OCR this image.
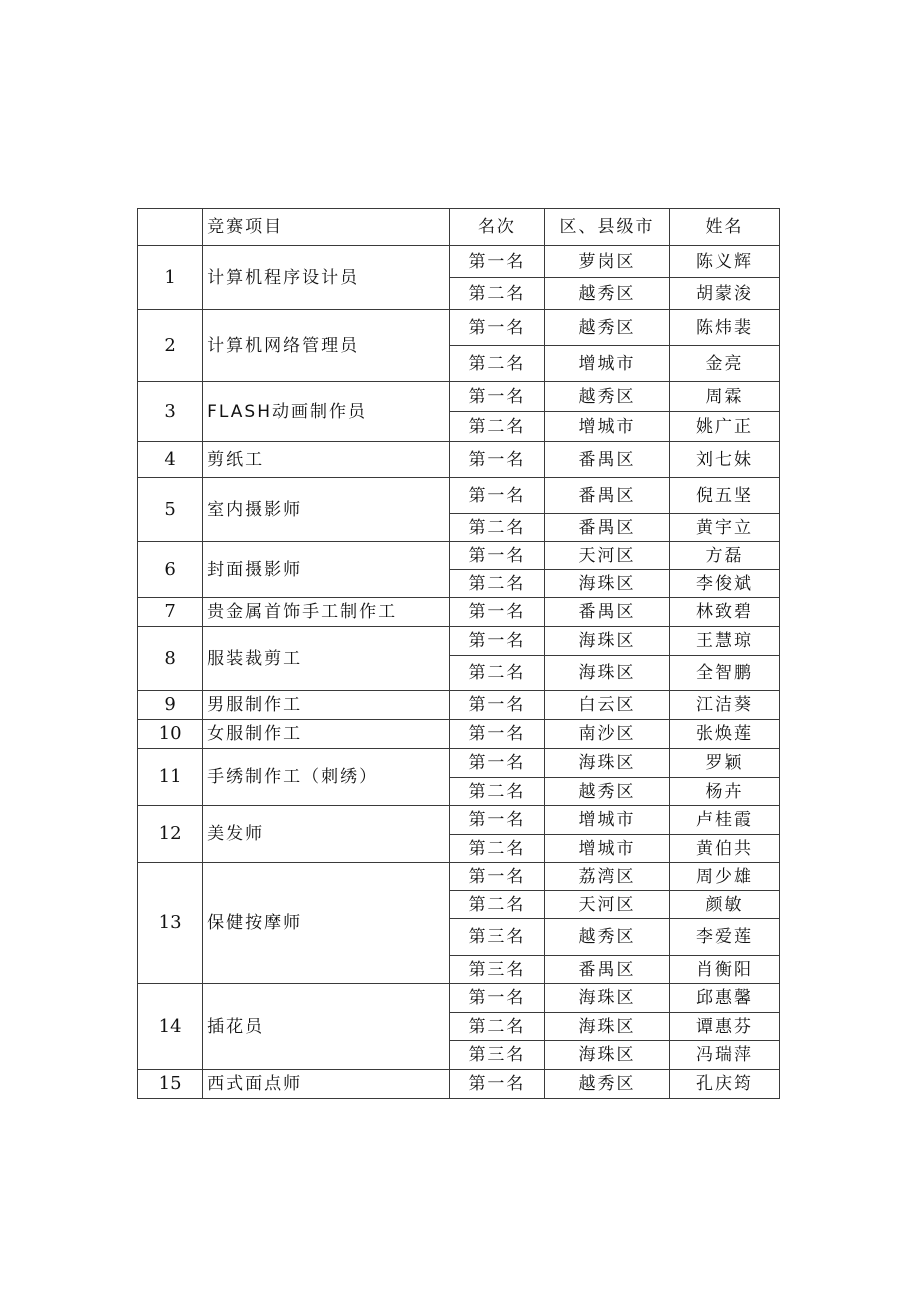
	竞赛项目	名次	区、县级市	姓名
1	计算机程序设计员	第一名	萝岗区	陈义辉
		第二名	越秀区	胡蒙浚
2	计算机网络管理员	第一名	越秀区	陈炜裴
		第二名	增城市	金亮
3	FLASH动画制作员	第一名	越秀区	周霖
		第二名	增城市	姚广正
4	剪纸工	第一名	番禺区	刘七妹
5	室内摄影师	第一名	番禺区	倪五坚
		第二名	番禺区	黄宇立
6	封面摄影师	第一名	天河区	方磊
		第二名	海珠区	李俊斌
7	贵金属首饰手工制作工	第一名	番禺区	林致碧
8	服装裁剪工	第一名	海珠区	王慧琼
		第二名	海珠区	全智鹏
9	男服制作工	第一名	白云区	江洁葵
10	女服制作工	第一名	南沙区	张焕莲
11	手绣制作工（刺绣）	第一名	海珠区	罗颖
		第二名	越秀区	杨卉
12	美发师	第一名	增城市	卢桂霞
		第二名	增城市	黄伯共
13	保健按摩师	第一名	荔湾区	周少雄
		第二名	天河区	颜敏
		第三名	越秀区	李爱莲
		第三名	番禺区	肖衡阳
14	插花员	第一名	海珠区	邱惠馨
		第二名	海珠区	谭惠芬
		第三名	海珠区	冯瑞萍
15	西式面点师	第一名	越秀区	孔庆筠
